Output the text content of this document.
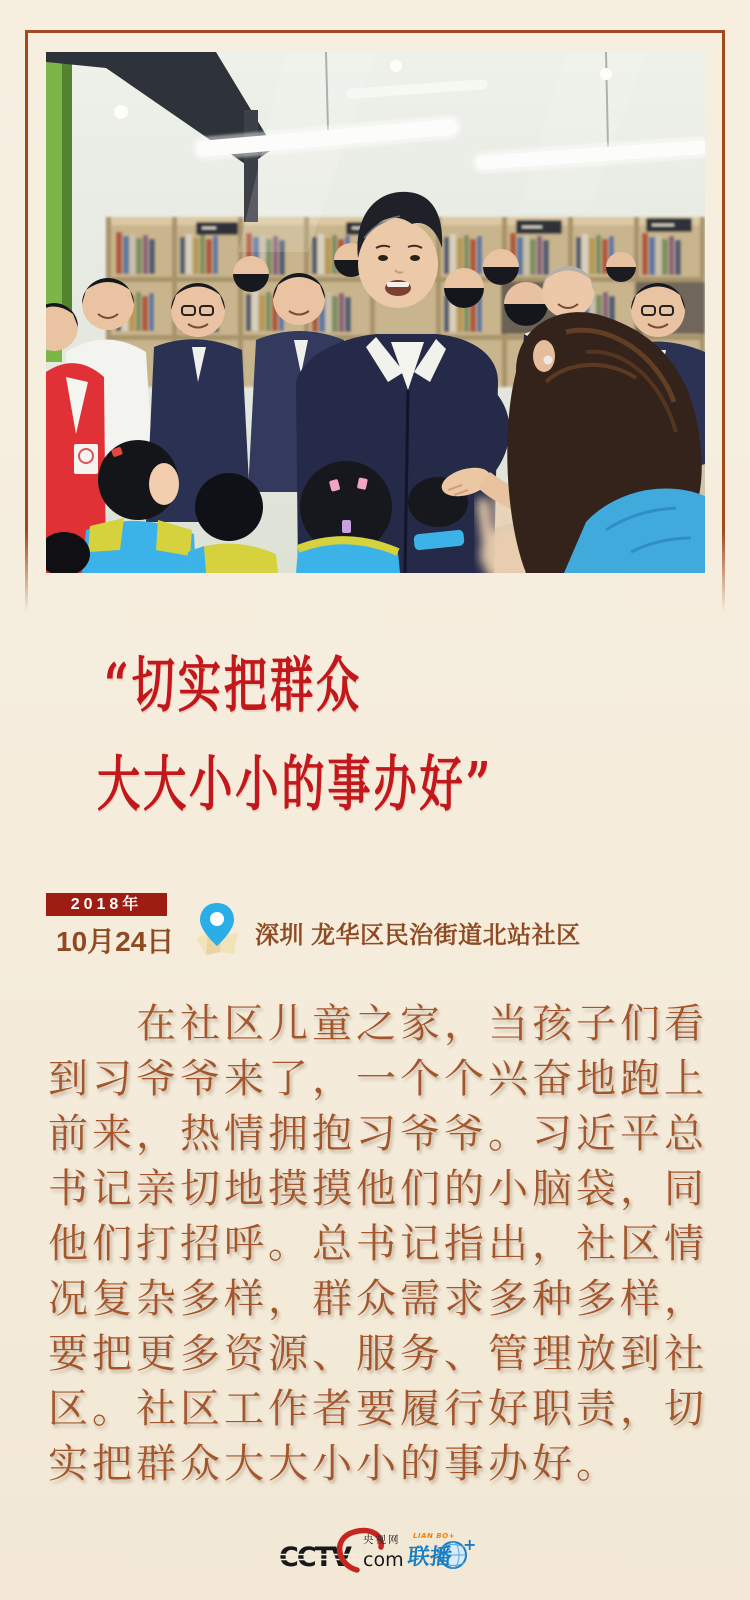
“切实把群众
大大小小的事办好”
2018年
10月24日	深圳 龙华区民治街道北站社区
在社区儿童之家，当孩子们看
到习爷爷来了，一个个兴奋地跑上
前来，热情拥抱习爷爷。习近平总
书记亲切地摸摸他们的小脑袋，同
他们打招呼。总书记指出，社区情
况复杂多样，群众需求多种多样，
要把更多资源、服务、管理放到社
区。社区工作者要履行好职责，切
实把群众大大小小的事办好。
CCTV
央视网
com
LIAN BO+
联播 +
